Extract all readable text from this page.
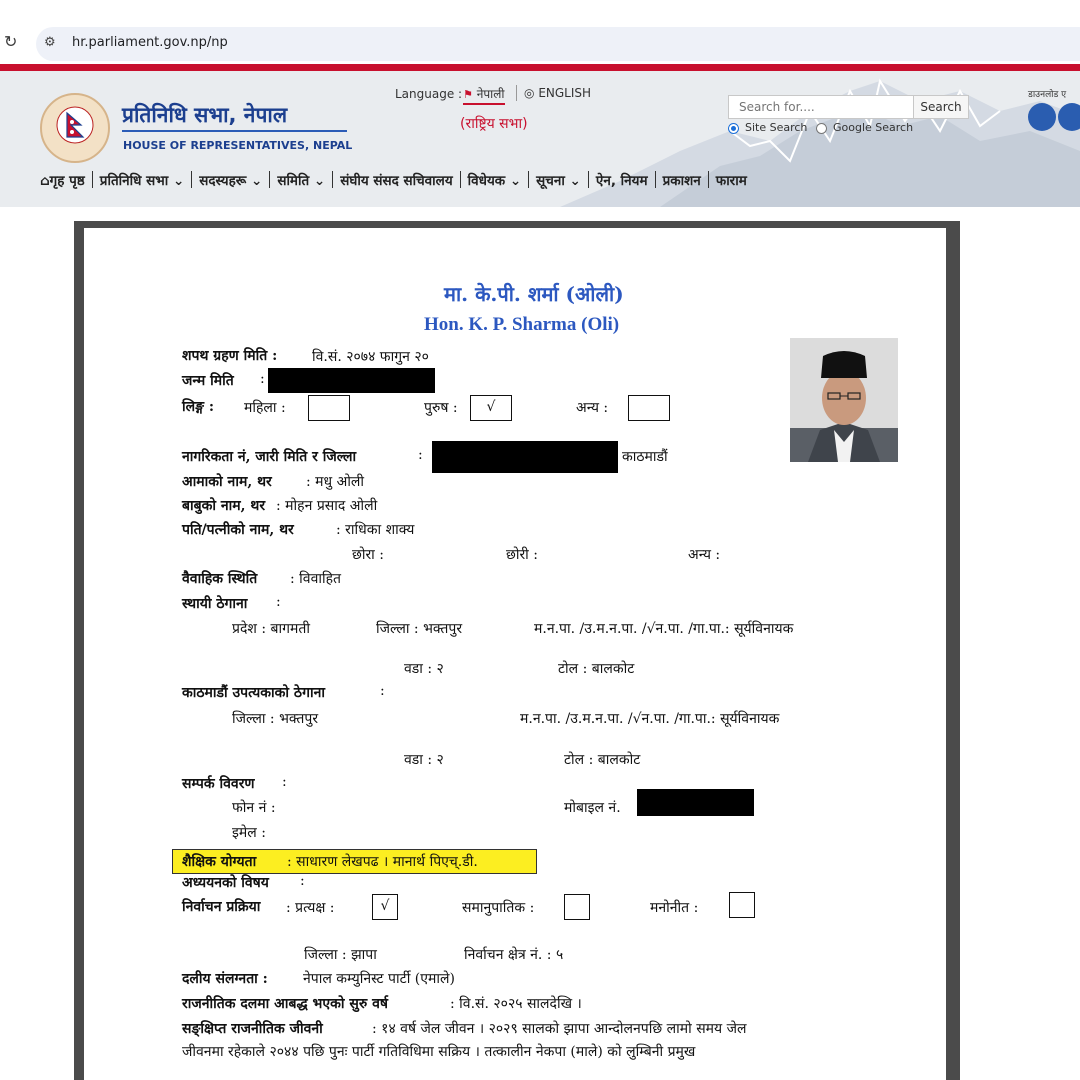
↻ ⚙ hr.parliament.gov.np/np
प्रतिनिधि सभा, नेपाल
HOUSE OF REPRESENTATIVES, NEPAL
Language : ⚑ नेपाली ◎ ENGLISH
(राष्ट्रिय सभा)
Search for....
Search
Site Search Google Search
डाउनलोड ए
⌂गृह पृष्ठ प्रतिनिधि सभा ⌄ सदस्यहरू ⌄ समिति ⌄ संघीय संसद सचिवालय विधेयक ⌄ सूचना ⌄ ऐन, नियम प्रकाशन फाराम
मा. के.पी. शर्मा (ओली)
Hon. K. P. Sharma (Oli)
शपथ ग्रहण मिति : वि.सं. २०७४ फागुन २०
जन्म मिति :
लिङ्ग : महिला :	पुरुष :	√	अन्य :
नागरिकता नं, जारी मिति र जिल्ला	:	काठमाडौं
आमाको नाम, थर : मधु ओली
बाबुको नाम, थर : मोहन प्रसाद ओली
पति/पत्नीको नाम, थर	: राधिका शाक्य
छोरा :	छोरी :	अन्य :
वैवाहिक स्थिति : विवाहित
स्थायी ठेगाना :
प्रदेश : बागमती	जिल्ला : भक्तपुर	म.न.पा. /उ.म.न.पा. /√न.पा. /गा.पा.: सूर्यविनायक
वडा : २	टोल : बालकोट
काठमाडौं उपत्यकाको ठेगाना	:
जिल्ला : भक्तपुर	म.न.पा. /उ.म.न.पा. /√न.पा. /गा.पा.: सूर्यविनायक
वडा : २	टोल : बालकोट
सम्पर्क विवरण :
फोन नं :	मोबाइल नं.
इमेल :
शैक्षिक योग्यता : साधारण लेखपढ । मानार्थ पिएच्.डी.
अध्ययनको विषय :
निर्वाचन प्रक्रिया : प्रत्यक्ष :	√	समानुपातिक :	मनोनीत :
जिल्ला : झापा	निर्वाचन क्षेत्र नं. : ५
दलीय संलग्नता :	नेपाल कम्युनिस्ट पार्टी (एमाले)
राजनीतिक दलमा आबद्ध भएको सुरु वर्ष	: वि.सं. २०२५ सालदेखि ।
सङ्क्षिप्त राजनीतिक जीवनी	: १४ वर्ष जेल जीवन । २०२९ सालको झापा आन्दोलनपछि लामो समय जेल
जीवनमा रहेकाले २०४४ पछि पुनः पार्टी गतिविधिमा सक्रिय । तत्कालीन नेकपा (माले) को लुम्बिनी प्रमुख
